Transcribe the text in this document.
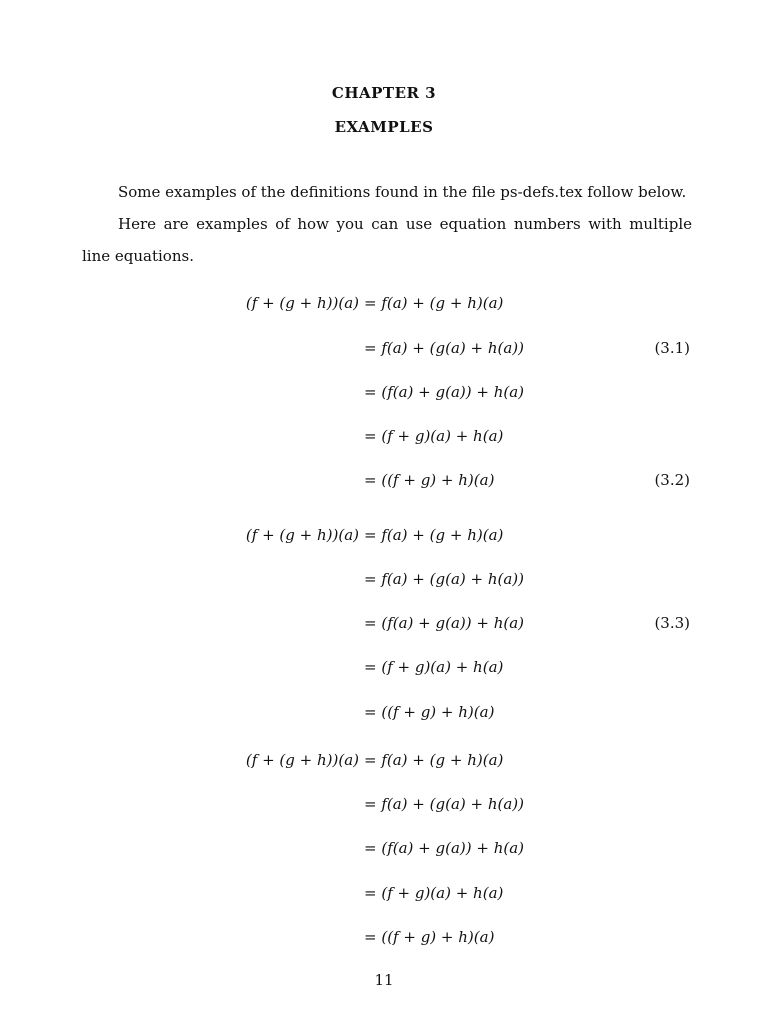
CHAPTER 3
EXAMPLES
Some examples of the definitions found in the file ps-defs.tex follow below.
Here are examples of how you can use equation numbers with multiple line equations.
(f + (g + h))(a) = f(a) + (g + h)(a)
= f(a) + (g(a) + h(a))	(3.1)
= (f(a) + g(a)) + h(a)
= (f + g)(a) + h(a)
= ((f + g) + h)(a)	(3.2)
(f + (g + h))(a) = f(a) + (g + h)(a)
= f(a) + (g(a) + h(a))
= (f(a) + g(a)) + h(a)	(3.3)
= (f + g)(a) + h(a)
= ((f + g) + h)(a)
(f + (g + h))(a) = f(a) + (g + h)(a)
= f(a) + (g(a) + h(a))
= (f(a) + g(a)) + h(a)
= (f + g)(a) + h(a)
= ((f + g) + h)(a)
11
